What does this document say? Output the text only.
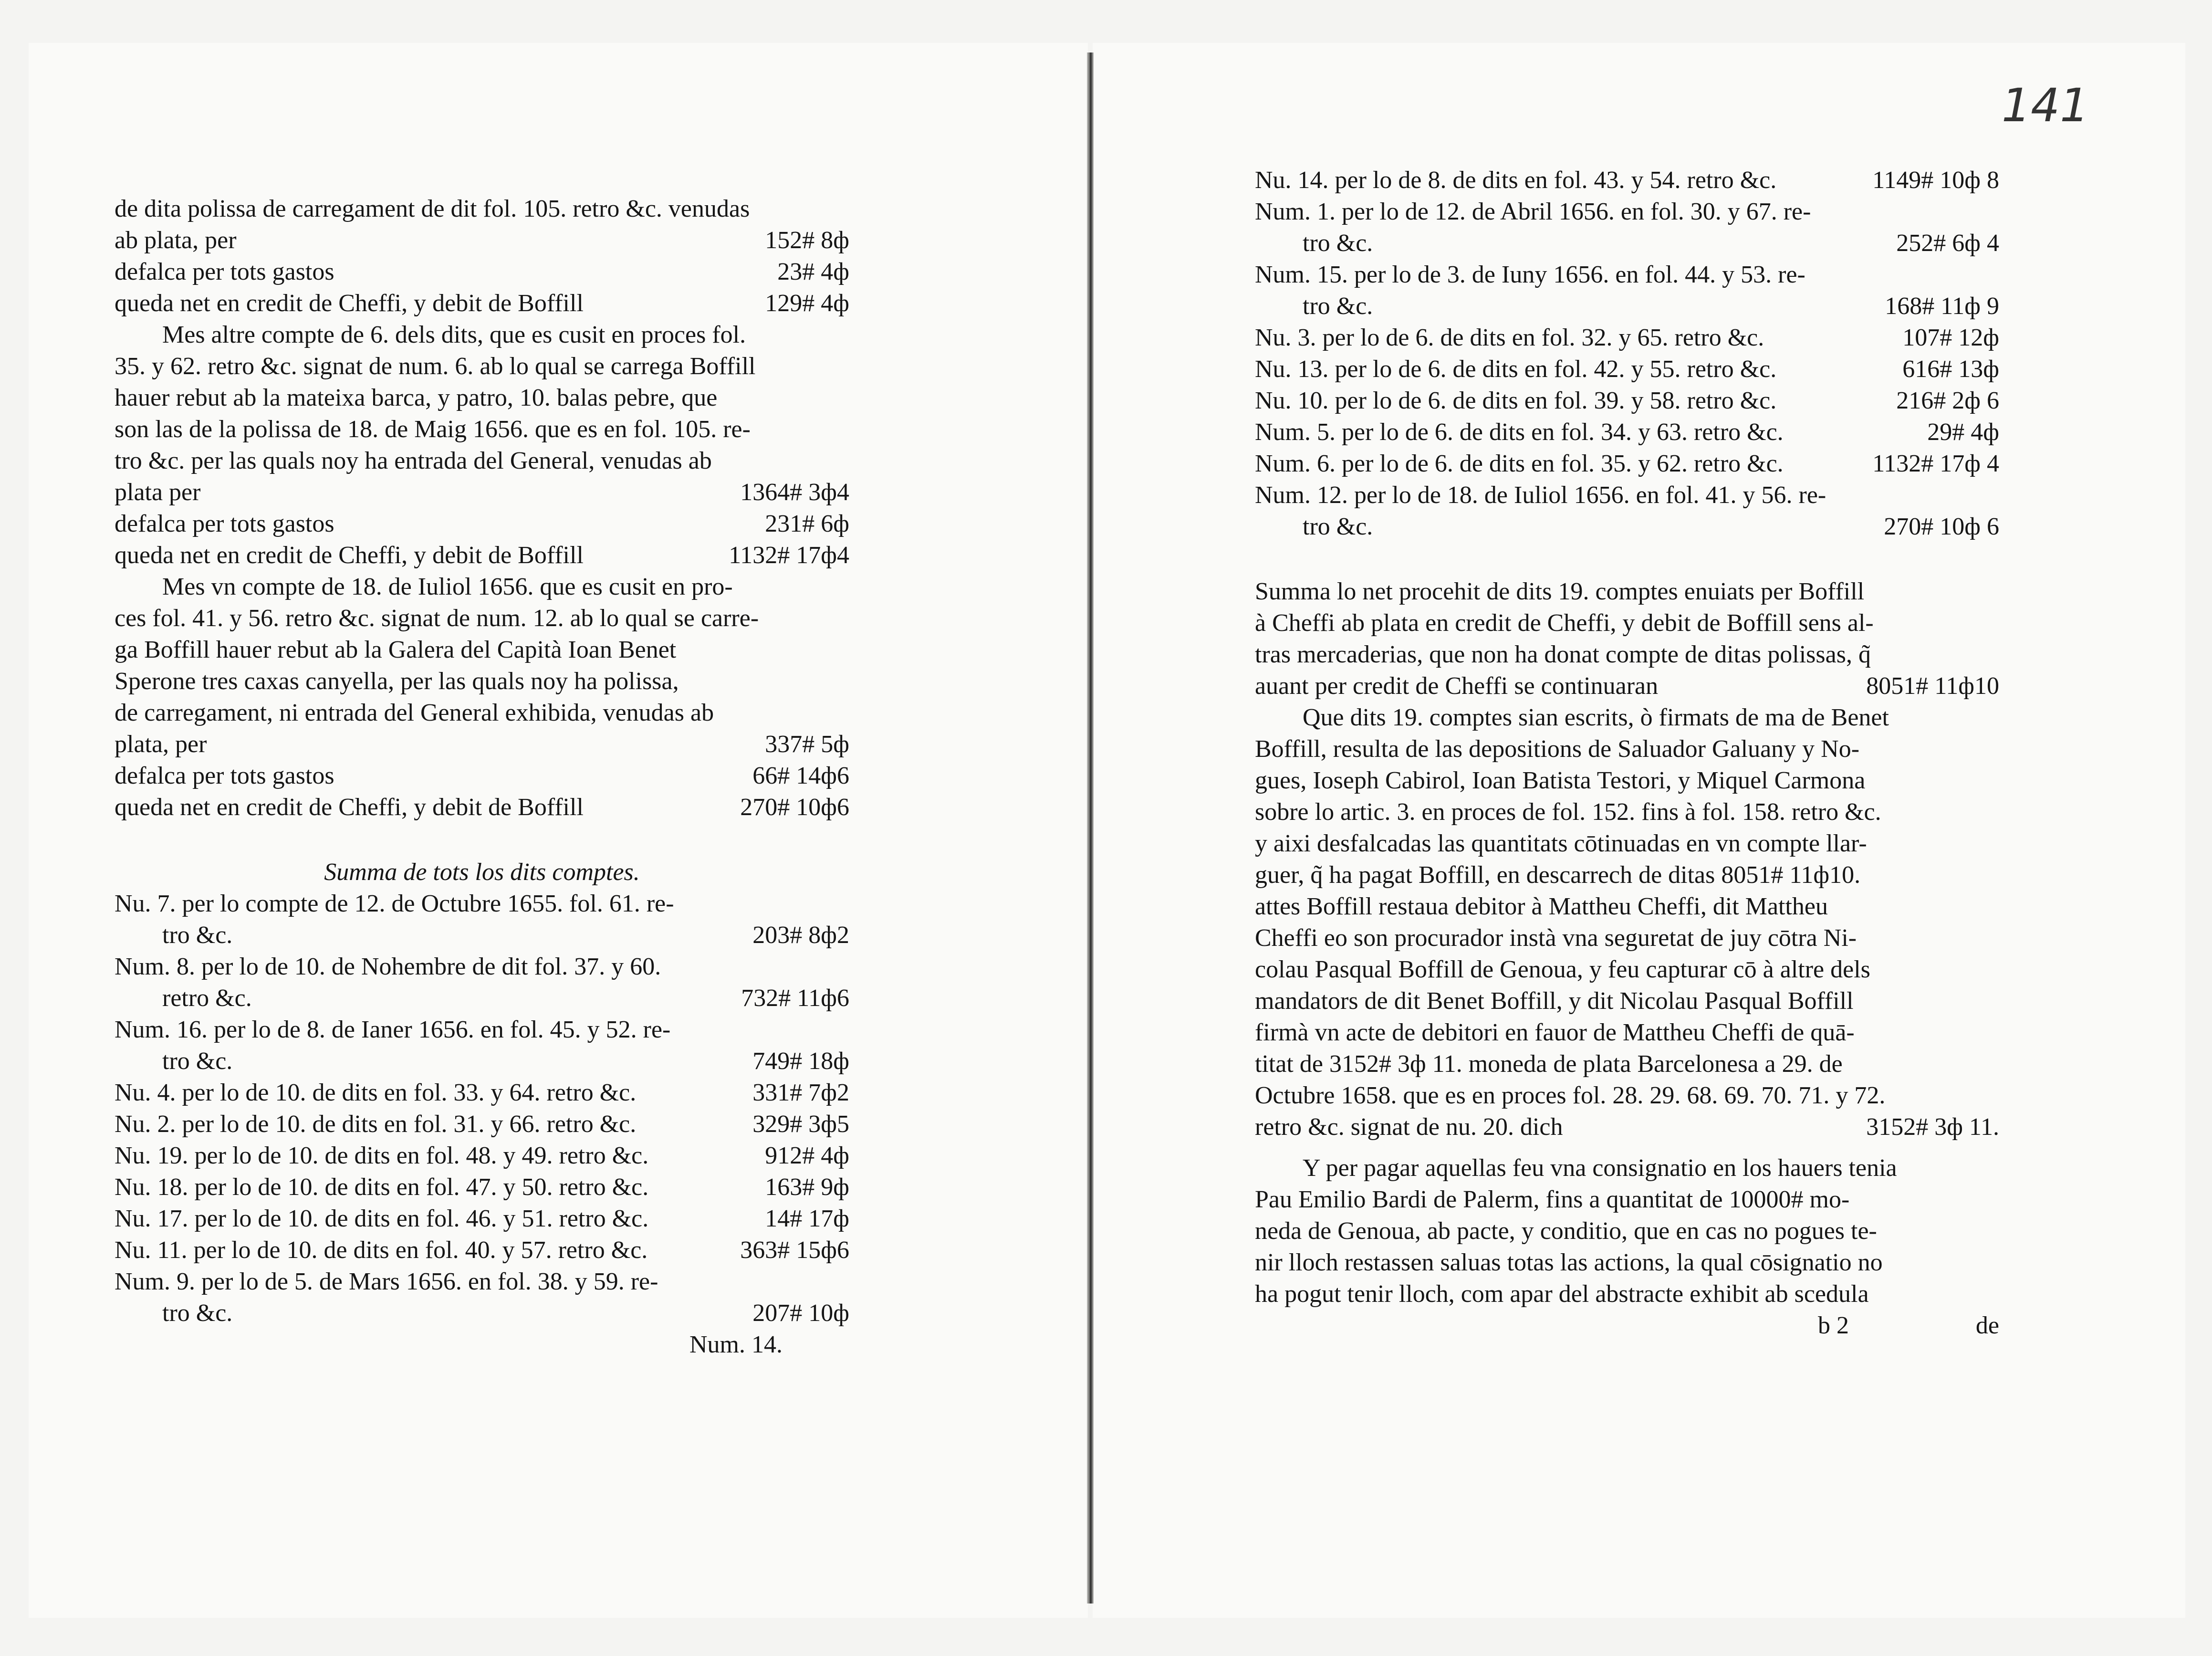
141
de dita polissa de carregament de dit fol. 105. retro &c. venudas
ab plata, per	152# 8ф
defalca per tots gastos	23# 4ф
queda net en credit de Cheffi, y debit de Boffill	129# 4ф
Mes altre compte de 6. dels dits, que es cusit en proces fol.
35. y 62. retro &c. signat de num. 6. ab lo qual se carrega Boffill
hauer rebut ab la mateixa barca, y patro, 10. balas pebre, que
son las de la polissa de 18. de Maig 1656. que es en fol. 105. re-
tro &c. per las quals noy ha entrada del General, venudas ab
plata per	1364# 3ф4
defalca per tots gastos	231# 6ф
queda net en credit de Cheffi, y debit de Boffill	1132# 17ф4
Mes vn compte de 18. de Iuliol 1656. que es cusit en pro-
ces fol. 41. y 56. retro &c. signat de num. 12. ab lo qual se carre-
ga Boffill hauer rebut ab la Galera del Capità Ioan Benet
Sperone tres caxas canyella, per las quals noy ha polissa,
de carregament, ni entrada del General exhibida, venudas ab
plata, per	337# 5ф
defalca per tots gastos	66# 14ф6
queda net en credit de Cheffi, y debit de Boffill	270# 10ф6
Summa de tots los dits comptes.
Nu. 7. per lo compte de 12. de Octubre 1655. fol. 61. re-
tro &c.	203# 8ф2
Num. 8. per lo de 10. de Nohembre de dit fol. 37. y 60.
retro &c.	732# 11ф6
Num. 16. per lo de 8. de Ianer 1656. en fol. 45. y 52. re-
tro &c.	749# 18ф
Nu. 4. per lo de 10. de dits en fol. 33. y 64. retro &c.	331# 7ф2
Nu. 2. per lo de 10. de dits en fol. 31. y 66. retro &c.	329# 3ф5
Nu. 19. per lo de 10. de dits en fol. 48. y 49. retro &c.	912# 4ф
Nu. 18. per lo de 10. de dits en fol. 47. y 50. retro &c.	163# 9ф
Nu. 17. per lo de 10. de dits en fol. 46. y 51. retro &c.	14# 17ф
Nu. 11. per lo de 10. de dits en fol. 40. y 57. retro &c.	363# 15ф6
Num. 9. per lo de 5. de Mars 1656. en fol. 38. y 59. re-
tro &c.	207# 10ф
Num. 14.
Nu. 14. per lo de 8. de dits en fol. 43. y 54. retro &c.	1149# 10ф 8
Num. 1. per lo de 12. de Abril 1656. en fol. 30. y 67. re-
tro &c.	252# 6ф 4
Num. 15. per lo de 3. de Iuny 1656. en fol. 44. y 53. re-
tro &c.	168# 11ф 9
Nu. 3. per lo de 6. de dits en fol. 32. y 65. retro &c.	107# 12ф
Nu. 13. per lo de 6. de dits en fol. 42. y 55. retro &c.	616# 13ф
Nu. 10. per lo de 6. de dits en fol. 39. y 58. retro &c.	216# 2ф 6
Num. 5. per lo de 6. de dits en fol. 34. y 63. retro &c.	29# 4ф
Num. 6. per lo de 6. de dits en fol. 35. y 62. retro &c.	1132# 17ф 4
Num. 12. per lo de 18. de Iuliol 1656. en fol. 41. y 56. re-
tro &c.	270# 10ф 6
Summa lo net procehit de dits 19. comptes enuiats per Boffill
à Cheffi ab plata en credit de Cheffi, y debit de Boffill sens al-
tras mercaderias, que non ha donat compte de ditas polissas, q̃
auant per credit de Cheffi se continuaran	8051# 11ф10
Que dits 19. comptes sian escrits, ò firmats de ma de Benet
Boffill, resulta de las depositions de Saluador Galuany y No-
gues, Ioseph Cabirol, Ioan Batista Testori, y Miquel Carmona
sobre lo artic. 3. en proces de fol. 152. fins à fol. 158. retro &c.
y aixi desfalcadas las quantitats cōtinuadas en vn compte llar-
guer, q̃ ha pagat Boffill, en descarrech de ditas 8051# 11ф10.
attes Boffill restaua debitor à Mattheu Cheffi, dit Mattheu
Cheffi eo son procurador instà vna seguretat de juy cōtra Ni-
colau Pasqual Boffill de Genoua, y feu capturar cō à altre dels
mandators de dit Benet Boffill, y dit Nicolau Pasqual Boffill
firmà vn acte de debitori en fauor de Mattheu Cheffi de quā-
titat de 3152# 3ф 11. moneda de plata Barcelonesa a 29. de
Octubre 1658. que es en proces fol. 28. 29. 68. 69. 70. 71. y 72.
retro &c. signat de nu. 20. dich	3152# 3ф 11.
Y per pagar aquellas feu vna consignatio en los hauers tenia
Pau Emilio Bardi de Palerm, fins a quantitat de 10000# mo-
neda de Genoua, ab pacte, y conditio, que en cas no pogues te-
nir lloch restassen saluas totas las actions, la qual cōsignatio no
ha pogut tenir lloch, com apar del abstracte exhibit ab scedula
b 2	de
